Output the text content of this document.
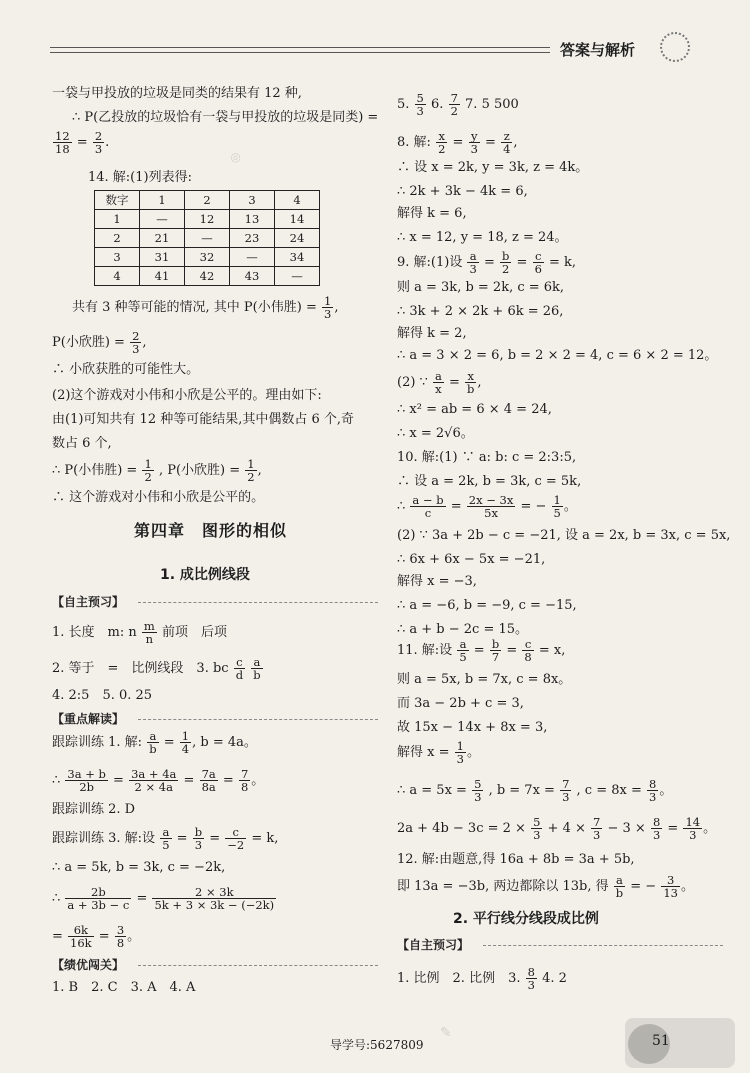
答案与解析
一袋与甲投放的垃圾是同类的结果有 12 种,
∴ P(乙投放的垃圾恰有一袋与甲投放的垃圾是同类) =
$\frac{12}{18} = \frac{2}{3}$ .
14. 解:(1)列表得:
数字	1	2	3	4
1	—	12	13	14
2	21	—	23	24
3	31	32	—	34
4	41	42	43	—
共有 3 种等可能的情况, 其中 P(小伟胜) = $\frac{1}{3}$ ,
P(小欣胜) = $\frac{2}{3}$ ,
∴ 小欣获胜的可能性大。
(2)这个游戏对小伟和小欣是公平的。理由如下:
由(1)可知共有 12 种等可能结果,其中偶数占 6 个,奇
数占 6 个,
∴ P(小伟胜) = $\frac{1}{2}$ , P(小欣胜) = $\frac{1}{2}$ ,
∴ 这个游戏对小伟和小欣是公平的。
第四章　图形的相似
1. 成比例线段
【自主预习】
1. 长度　m: n $\frac{m}{n}$ 前项　后项
2. 等于　=　比例线段　3. bc $\frac{c}{d}$
$\frac{a}{b}$
4. 2:5　5. 0. 25
【重点解读】
跟踪训练 1. 解: $\frac{a}{b} = \frac{1}{4}$ , b = 4a。
∴ $\frac{3a + b}{2b} = \frac{3a + 4a}{2 \times 4a} = \frac{7a}{8a} = \frac{7}{8}$ 。
跟踪训练 2. D
跟踪训练 3. 解:设 $\frac{a}{5} = \frac{b}{3} = \frac{c}{-2} = k$,
∴ a = 5k, b = 3k, c = −2k,
∴ $\frac{2b}{a + 3b - c} = \frac{2 \times 3k}{5k + 3 \times 3k - (-2k)}$
= $\frac{6k}{16k} = \frac{3}{8}$ 。
【绩优闯关】
1. B　2. C　3. A　4. A
5. $\frac{5}{3} 6$. $\frac{7}{2} 7$. 5 500
8. 解: $\frac{x}{2} = \frac{y}{3} = \frac{z}{4}$ ,
∴ 设 x = 2k, y = 3k, z = 4k。
∴ 2k + 3k − 4k = 6,
解得 k = 6,
∴ x = 12, y = 18, z = 24。
9. 解:(1)设 $\frac{a}{3} = \frac{b}{2} = \frac{c}{6} = k$,
则 a = 3k, b = 2k, c = 6k,
∴ 3k + 2 × 2k + 6k = 26,
解得 k = 2,
∴ a = 3 × 2 = 6, b = 2 × 2 = 4, c = 6 × 2 = 12。
(2) ∵ $\frac{a}{x} = \frac{x}{b}$ ,
∴ x² = ab = 6 × 4 = 24,
∴ x = 2√6。
10. 解:(1) ∵ a: b: c = 2:3:5,
∴ 设 a = 2k, b = 3k, c = 5k,
∴ $\frac{a - b}{c} = \frac{2x - 3x}{5x}$ = − $\frac{1}{5}$ 。
(2) ∵ 3a + 2b − c = −21, 设 a = 2x, b = 3x, c = 5x,
∴ 6x + 6x − 5x = −21,
解得 x = −3,
∴ a = −6, b = −9, c = −15,
∴ a + b − 2c = 15。
11. 解:设 $\frac{a}{5} = \frac{b}{7} = \frac{c}{8} = x$,
则 a = 5x, b = 7x, c = 8x。
而 3a − 2b + c = 3,
故 15x − 14x + 8x = 3,
解得 $x = \frac{1}{3}$ 。
∴ $a = 5x = \frac{5}{3}$ , $b = 7x = \frac{7}{3}$ , $c = 8x = \frac{8}{3}$ 。
$2a + 4b - 3c = 2 \times \frac{5}{3} + 4 \times \frac{7}{3} - 3 \times \frac{8}{3} = \frac{14}{3}$ 。
12. 解:由题意,得 16a + 8b = 3a + 5b,
即 13a = −3b, 两边都除以 13b, 得 $\frac{a}{b}$ = − $\frac{3}{13}$ 。
2. 平行线分线段成比例
【自主预习】
1. 比例　2. 比例　3. $\frac{8}{3} 4$. 2
◎
✎
导学号:5627809	51
